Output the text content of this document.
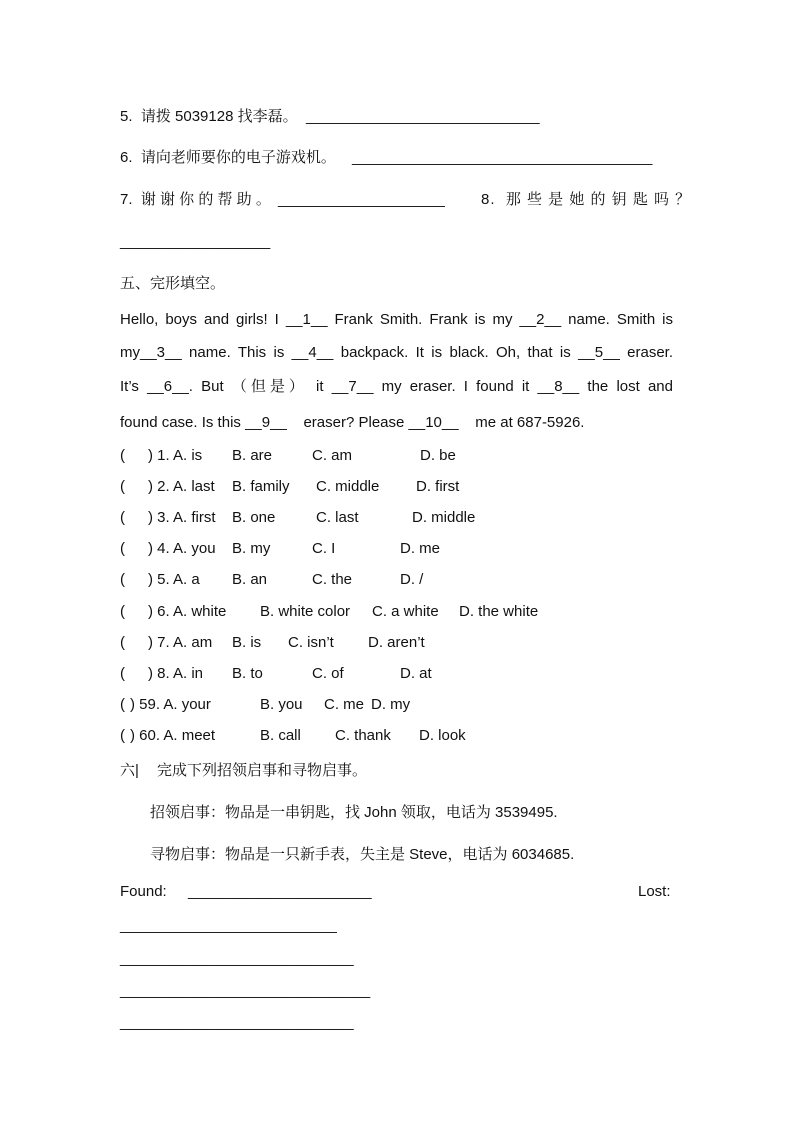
5.  请拨 5039128 找李磊。 ____________________________
6.  请向老师要你的电子游戏机。 ____________________________________
7.  谢 谢 你 的 帮 助 。 ____________________ 8.  那 些 是 她 的 钥 匙 吗 ？
__________________
五、完形填空。
Hello, boys and girls! I __1__ Frank Smith. Frank is my __2__ name. Smith is
my__3__ name. This is __4__ backpack. It is black. Oh, that is __5__ eraser.
It’s __6__. But （但是） it __7__ my eraser. I found it __8__ the lost and
found case. Is this __9__    eraser? Please __10__    me at 687-5926.
( ) 1. A. is B. are	C. am	D. be
( ) 2. A. last B. family C. middle D. first
( ) 3. A. first B. one	C. last	D. middle
( ) 4. A. you B. my	C. I	D. me
( ) 5. A. a B. an	C. the	D. /
( ) 6. A. white B. white color C. a white D. the white
( ) 7. A. am B. is C. isn’t D. aren’t
( ) 8. A. in B. to	C. of	D. at
( ) 59. A. your	B. you C. me D. my
( ) 60. A. meet	B. call C. thank D. look
六| 完成下列招领启事和寻物启事。
招领启事：物品是一串钥匙，找 John 领取，电话为 3539495.
寻物启事：物品是一只新手表，失主是 Steve，电话为 6034685.
Found: ______________________	Lost:
__________________________
____________________________
______________________________
____________________________
